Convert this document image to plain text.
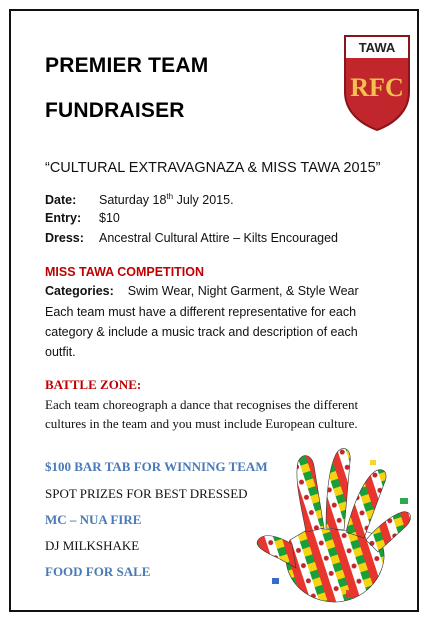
PREMIER TEAM
FUNDRAISER
TAWA
RFC
“CULTURAL EXTRAVAGNAZA & MISS TAWA 2015”
Date: Saturday 18th July 2015.
Entry: $10
Dress: Ancestral Cultural Attire – Kilts Encouraged
MISS TAWA COMPETITION
Categories: Swim Wear, Night Garment, & Style Wear
Each team must have a different representative for each category & include a music track and description of each outfit.
BATTLE ZONE:
Each team choreograph a dance that recognises the different cultures in the team and you must include European culture.
$100 BAR TAB FOR WINNING TEAM
SPOT PRIZES FOR BEST DRESSED
MC – NUA FIRE
DJ MILKSHAKE
FOOD FOR SALE
